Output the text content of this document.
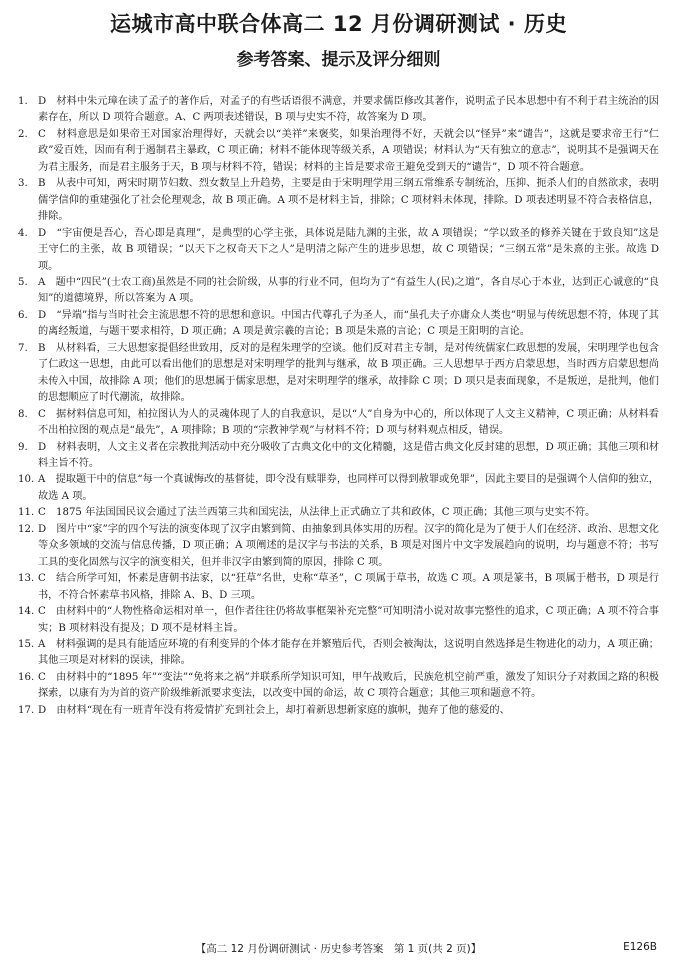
运城市高中联合体高二 12 月份调研测试 · 历史
参考答案、提示及评分细则

1. D　材料中朱元璋在读了孟子的著作后，对孟子的有些话语很不满意，并要求儒臣修改其著作，说明孟子民本思想中有不利于君主统治的因素存在，所以 D 项符合题意。A、C 两项表述错误，B 项与史实不符，故答案为 D 项。

2. C　材料意思是如果帝王对国家治理得好，天就会以“美祥”来褒奖，如果治理得不好，天就会以“怪异”来“谴告”，这就是要求帝王行“仁政”爱百姓，因而有利于遏制君主暴政，C 项正确；材料不能体现等级关系，A 项错误；材料认为“天有独立的意志”，说明其不是强调天在为君主服务，而是君主服务于天，B 项与材料不符，错误；材料的主旨是要求帝王避免受到天的“谴告”，D 项不符合题意。

3. B　从表中可知，两宋时期节妇数、烈女数呈上升趋势，主要是由于宋明理学用三纲五常维系专制统治，压抑、扼杀人们的自然欲求，表明儒学信仰的重建强化了社会伦理观念，故 B 项正确。A 项不是材料主旨，排除；C 项材料未体现，排除。D 项表述明显不符合表格信息，排除。

4. D　“宇宙便是吾心，吾心即是真理”，是典型的心学主张，具体说是陆九渊的主张，故 A 项错误；“学以致圣的修养关键在于致良知”这是王守仁的主张，故 B 项错误；“以天下之权奇天下之人”是明清之际产生的进步思想，故 C 项错误；“三纲五常”是朱熹的主张。故选 D 项。

5. A　题中“四民”(士农工商)虽然是不同的社会阶级，从事的行业不同，但均为了“有益生人(民)之道”，各自尽心于本业，达到正心诚意的“良知”的道德境界，所以答案为 A 项。

6. D　“异端”指与当时社会主流思想不符的思想和意识。中国古代尊孔子为圣人，而“虽孔夫子亦庸众人类也”明显与传统思想不符，体现了其的离经叛道，与题干要求相符，D 项正确；A 项是黄宗羲的言论；B 项是朱熹的言论；C 项是王阳明的言论。

7. B　从材料看，三大思想家提倡经世致用，反对的是程朱理学的空谈。他们反对君主专制，是对传统儒家仁政思想的发展，宋明理学也包含了仁政这一思想，由此可以看出他们的思想是对宋明理学的批判与继承，故 B 项正确。三人思想早于西方启蒙思想，当时西方启蒙思想尚未传入中国，故排除 A 项；他们的思想属于儒家思想，是对宋明理学的继承，故排除 C 项；D 项只是表面现象，不是叛逆，是批判，他们的思想顺应了时代潮流，故排除。

8. C　据材料信息可知，柏拉图认为人的灵魂体现了人的自我意识，是以“人”自身为中心的，所以体现了人文主义精神，C 项正确；从材料看不出柏拉图的观点是“最先”，A 项排除；B 项的“宗教神学观”与材料不符；D 项与材料观点相反，错误。

9. D　材料表明，人文主义者在宗教批判活动中充分吸收了古典文化中的文化精髓，这是借古典文化反封建的思想，D 项正确；其他三项和材料主旨不符。

10. A　提取题干中的信息“每一个真诚悔改的基督徒，即令没有赎罪券，也同样可以得到赦罪或免罪”，因此主要目的是强调个人信仰的独立，故选 A 项。

11. C　1875 年法国国民议会通过了法兰西第三共和国宪法，从法律上正式确立了共和政体，C 项正确；其他三项与史实不符。

12. D　图片中“家”字的四个写法的演变体现了汉字由繁到简、由抽象到具体实用的历程。汉字的简化是为了便于人们在经济、政治、思想文化等众多领域的交流与信息传播，D 项正确；A 项阐述的是汉字与书法的关系，B 项是对图片中文字发展趋向的说明，均与题意不符；书写工具的变化固然与汉字的演变相关，但并非汉字由繁到简的原因，排除 C 项。

13. C　结合所学可知，怀素是唐朝书法家，以“狂草”名世，史称“草圣”，C 项属于草书，故选 C 项。A 项是篆书，B 项属于楷书，D 项是行书，不符合怀素草书风格，排除 A、B、D 三项。

14. C　由材料中的“人物性格命运相对单一，但作者往往仍将故事框架补充完整”可知明清小说对故事完整性的追求，C 项正确；A 项不符合事实；B 项材料没有提及；D 项不是材料主旨。

15. A　材料强调的是具有能适应环境的有利变异的个体才能存在并繁殖后代，否则会被淘汰，这说明自然选择是生物进化的动力，A 项正确；其他三项是对材料的误读，排除。

16. C　由材料中的“1895 年”“变法”“免将来之祸”并联系所学知识可知，甲午战败后，民族危机空前严重，激发了知识分子对救国之路的积极探索，以康有为为首的资产阶级维新派要求变法，以改变中国的命运，故 C 项符合题意；其他三项和题意不符。

17. D　由材料“现在有一班青年没有将爱情扩充到社会上，却打着新思想新家庭的旗帜，抛弃了他的慈爱的、

【高二 12 月份调研测试 · 历史参考答案　第 1 页(共 2 页)】	E126B
